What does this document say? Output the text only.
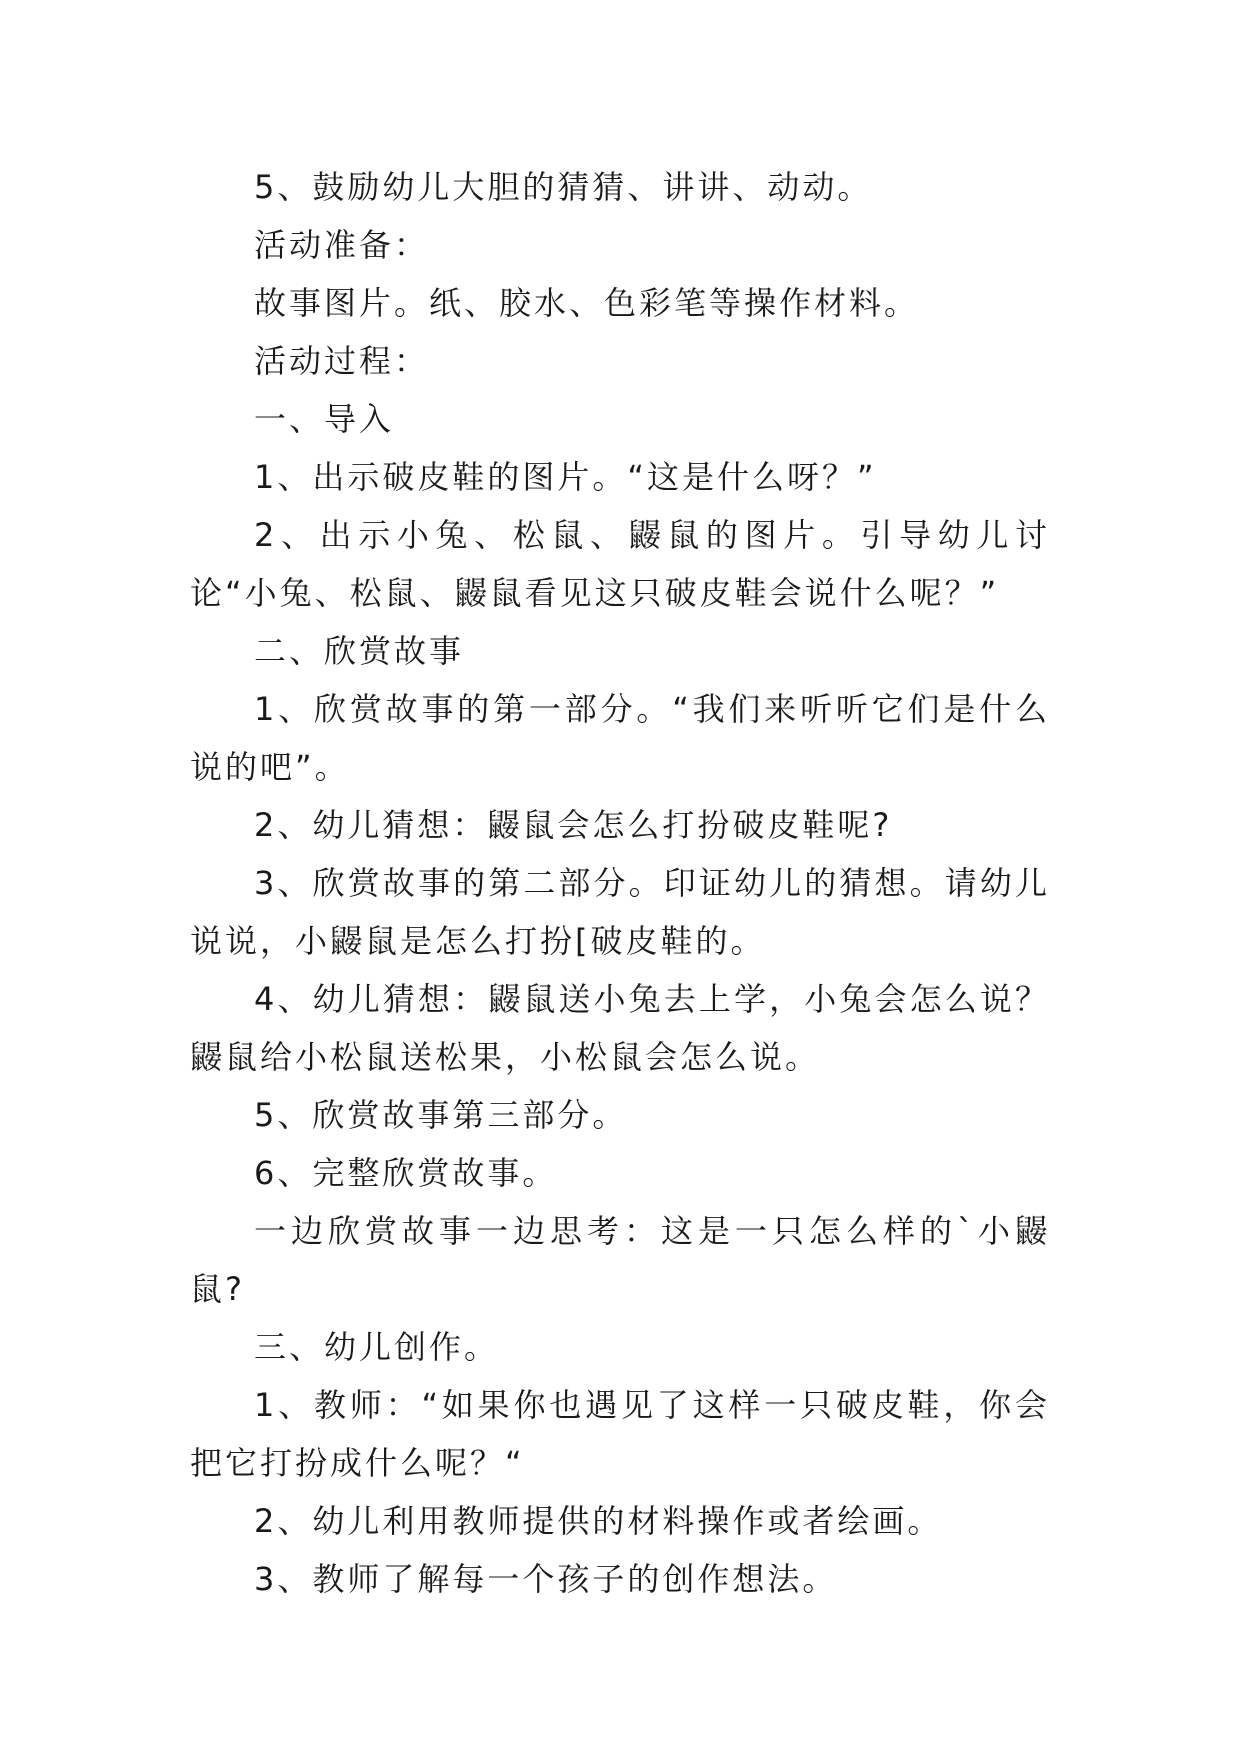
5、鼓励幼儿大胆的猜猜、讲讲、动动。

活动准备：

故事图片。纸、胶水、色彩笔等操作材料。

活动过程：

一、导入

1、出示破皮鞋的图片。“这是什么呀？”

2、出示小兔、松鼠、鼹鼠的图片。引导幼儿讨论“小兔、松鼠、鼹鼠看见这只破皮鞋会说什么呢？”

二、欣赏故事

1、欣赏故事的第一部分。“我们来听听它们是什么说的吧”。

2、幼儿猜想：鼹鼠会怎么打扮破皮鞋呢?

3、欣赏故事的第二部分。印证幼儿的猜想。请幼儿说说，小鼹鼠是怎么打扮[破皮鞋的。

4、幼儿猜想：鼹鼠送小兔去上学，小兔会怎么说？鼹鼠给小松鼠送松果，小松鼠会怎么说。

5、欣赏故事第三部分。

6、完整欣赏故事。

一边欣赏故事一边思考：这是一只怎么样的`小鼹鼠?

三、幼儿创作。

1、教师：“如果你也遇见了这样一只破皮鞋，你会把它打扮成什么呢？“

2、幼儿利用教师提供的材料操作或者绘画。

3、教师了解每一个孩子的创作想法。
